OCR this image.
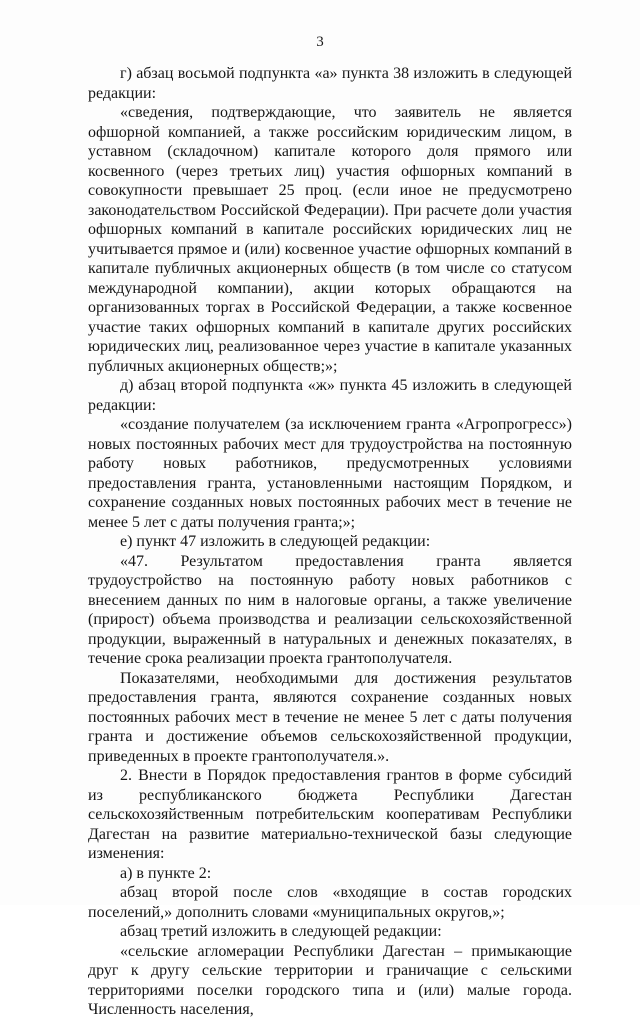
3

г) абзац восьмой подпункта «а» пункта 38 изложить в следующей редакции:

«сведения, подтверждающие, что заявитель не является офшорной компанией, а также российским юридическим лицом, в уставном (складочном) капитале которого доля прямого или косвенного (через третьих лиц) участия офшорных компаний в совокупности превышает 25 проц. (если иное не предусмотрено законодательством Российской Федерации). При расчете доли участия офшорных компаний в капитале российских юридических лиц не учитывается прямое и (или) косвенное участие офшорных компаний в капитале публичных акционерных обществ (в том числе со статусом международной компании), акции которых обращаются на организованных торгах в Российской Федерации, а также косвенное участие таких офшорных компаний в капитале других российских юридических лиц, реализованное через участие в капитале указанных публичных акционерных обществ;»;

д) абзац второй подпункта «ж» пункта 45 изложить в следующей редакции:

«создание получателем (за исключением гранта «Агропрогресс») новых постоянных рабочих мест для трудоустройства на постоянную работу новых работников, предусмотренных условиями предоставления гранта, установленными настоящим Порядком, и сохранение созданных новых постоянных рабочих мест в течение не менее 5 лет с даты получения гранта;»;

е) пункт 47 изложить в следующей редакции:

«47. Результатом предоставления гранта является трудоустройство на постоянную работу новых работников с внесением данных по ним в налоговые органы, а также увеличение (прирост) объема производства и реализации сельскохозяйственной продукции, выраженный в натуральных и денежных показателях, в течение срока реализации проекта грантополучателя.

Показателями, необходимыми для достижения результатов предоставления гранта, являются сохранение созданных новых постоянных рабочих мест в течение не менее 5 лет с даты получения гранта и достижение объемов сельскохозяйственной продукции, приведенных в проекте грантополучателя.».

2. Внести в Порядок предоставления грантов в форме субсидий из республиканского бюджета Республики Дагестан сельскохозяйственным потребительским кооперативам Республики Дагестан на развитие материально-технической базы следующие изменения:

а) в пункте 2:

абзац второй после слов «входящие в состав городских поселений,» дополнить словами «муниципальных округов,»;

абзац третий изложить в следующей редакции:

«сельские агломерации Республики Дагестан – примыкающие друг к другу сельские территории и граничащие с сельскими территориями поселки городского типа и (или) малые города. Численность населения,
